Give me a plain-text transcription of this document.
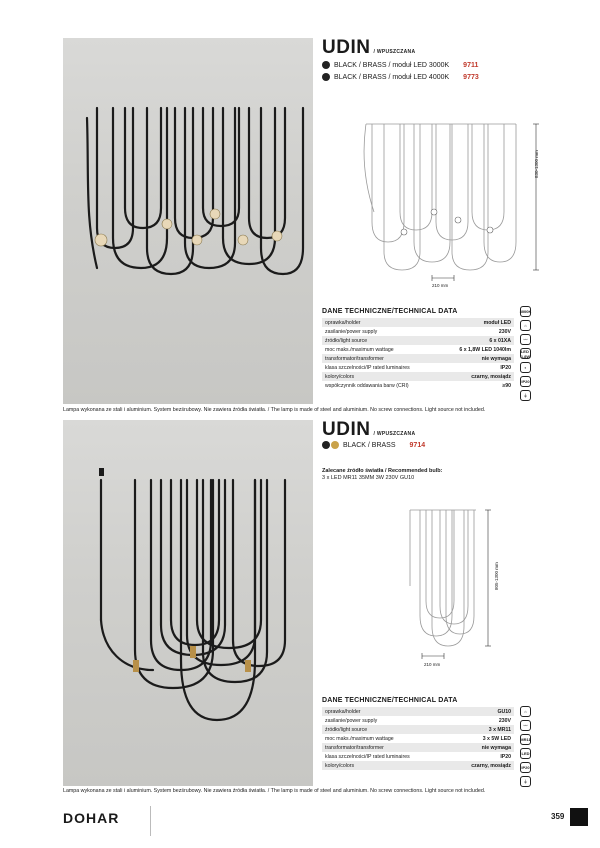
UDIN / WPUSZCZANA
BLACK / BRASS / moduł LED 3000K 9711
BLACK / BRASS / moduł LED 4000K 9773
830-1300 mm
210 mm
DANE TECHNICZNE/TECHNICAL DATA
oprawka/holder	moduł LED
zasilanie/power supply	230V
źródło/light source	6 x 01XA
moc maks./maximum wattage	6 x 1,8W LED 1040lm
transformator/transformer	nie wymaga
klasa szczelności/IP rated luminaires	IP20
kolory/colors	czarny, mosiądz
współczynnik oddawania barw (CRI)	≥90
3000K
⌂
〰
LED 1.8W
◐
IP20
⏚
Lampa wykonana ze stali i aluminium. System bezśrubowy. Nie zawiera źródła światła. / The lamp is made of steel and aluminium. No screw connections. Light source not included.
UDIN / WPUSZCZANA
BLACK / BRASS 9714
Zalecane źródło światła / Recommended bulb:
3 x LED MR11 35MM 3W 230V GU10
805-1300 mm
210 mm
DANE TECHNICZNE/TECHNICAL DATA
oprawka/holder	GU10
zasilanie/power supply	230V
źródło/light source	3 x MR11
moc maks./maximum wattage	3 x 5W LED
transformator/transformer	nie wymaga
klasa szczelności/IP rated luminaires	IP20
kolory/colors	czarny, mosiądz
⌂
〰
MR11
LED
IP20
⏚
Lampa wykonana ze stali i aluminium. System bezśrubowy. Nie zawiera źródła światła. / The lamp is made of steel and aluminium. No screw connections. Light source not included.
DOHAR	359
